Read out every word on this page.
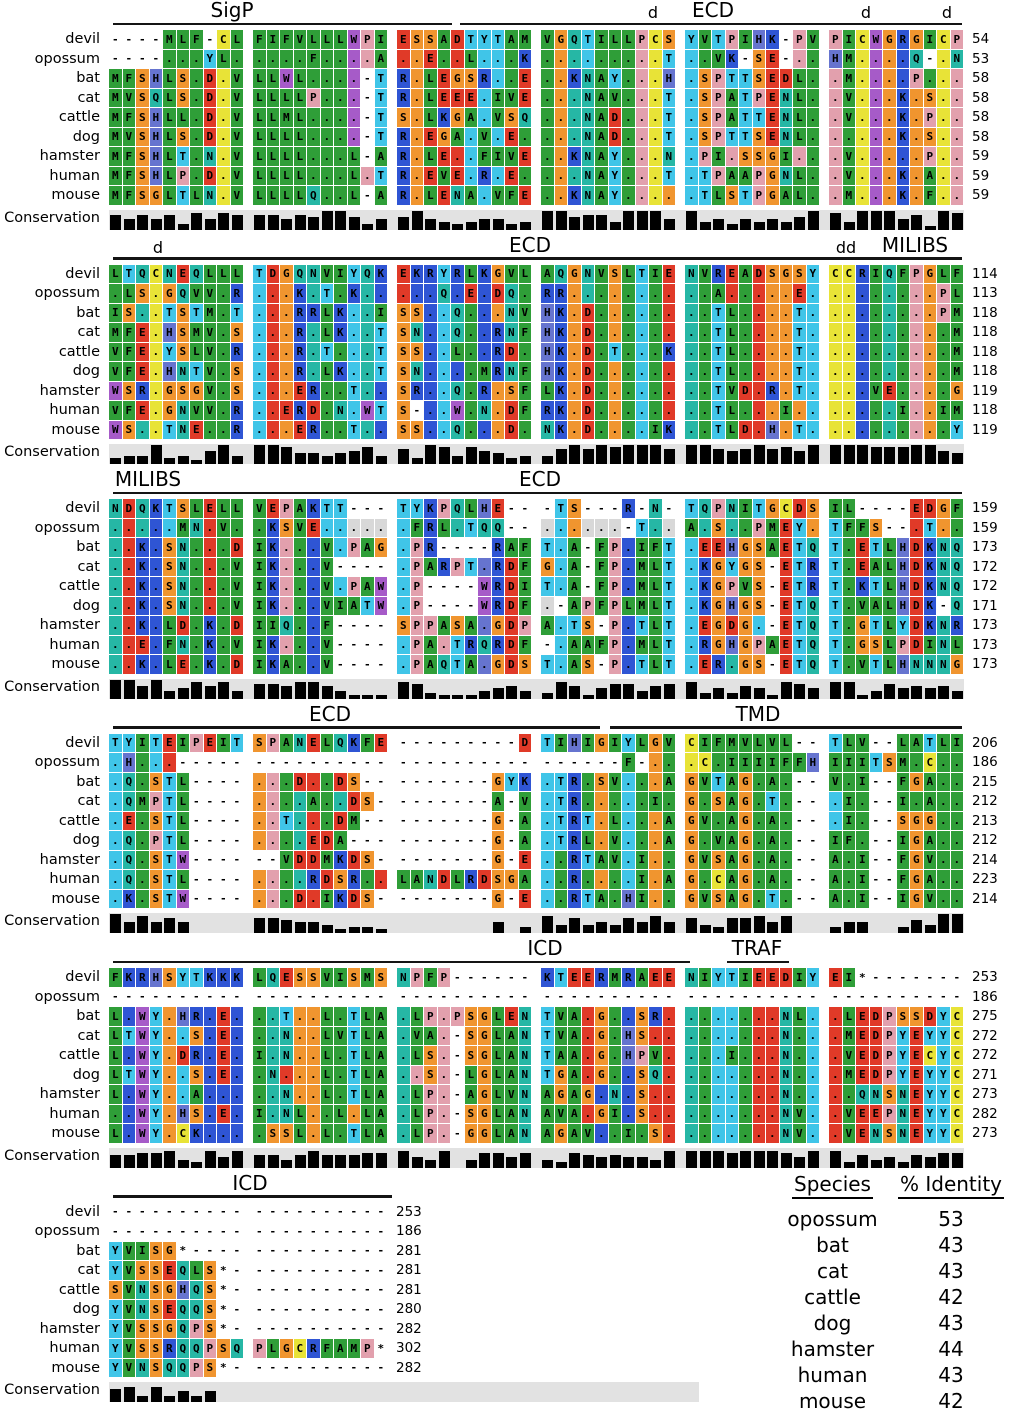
SigP	d ECD	d	d
devil	- - - - M L F - C L	F I F V L L L W P I	E S S A D T Y T A M	V G Q T I L L P C S	Y V T P I H K - P V	P I C W G R G I C P 54
opossum	- - - - . . . Y L .	. . . . F . . . . A	. . E . . L . . . K	. . . . . . . . . T	. . V K - S E - . .	H M . . . . Q - . N 53
bat	M F S H L S . D . V	L L W L . . . . - T	R . L E G S R . . E	. . K N A Y . . . H	. S P T T S E D L .	. M . . . . P . . . 58
cat	M V S Q L S . D . V	L L L L P . . . - T	R . L E E E . I V E	. . . N A V . . . T	. S P A T P E N L .	. V . . . K . S . . 58
cattle	M F S H L L . D . V	L L M L . . . . - T	S . L K G A . V S Q	. . . N A D . . . T	. S P A T T E N L .	. V . . . K . P . . 58
dog	M V S H L S . D . V	L L L L . . . . - T	R . E G A . V . E .	. . . N A D . . . T	. S P T T S E N L .	. . . . . K . S . . 58
hamster	M F S H L T . N . V	L L L L . . . L - A	R . L E . . F I V E	. . K N A Y . . . N	. P I . S S G I . .	. V . . . . . P . . 59
human	M F S H L P . D . V	L L L L . . . L . T	R . E V E . R . E .	. . . N A Y . . . T	. T P A A P G N L .	. V . . . K . A . . 59
mouse	M F S G L T L N . V	L L L L Q . . L - A	R . L E N A . V F E	. . K N A Y . . . .	. T L S T P G A L .	. M . . . K . F . . 59
Conservation
d	ECD	dd MILIBS
devil	L T Q C N E Q L L L	T D G Q N V I Y Q K	E K R Y R L K G V L	A Q G N V S L T I E	N V R E A D S G S Y	C C R I Q F P G L F 114
opossum	. L S . G Q V V . R	. . . K . T . K . .	. . . Q . E . D Q .	R R . . . . . . . .	. . A . . . . . E .	. . . . . . . . P L 113
bat	I S . . T S T M . T	. . . R R L K . . I	S S . . Q . . . N V	H K . D . . . . . .	. . T L . . . . T .	. . . . . . . . P M 118
cat	M F E . H S M V . S	. . . R . L K . . T	S N . . Q . . R N F	H K . D . . . . . .	. . T L . . . . T .	. . . . . . . . . M 118
cattle	V F E . Y S L V . R	. . . R . T . . . T	S S . . L . . R D .	H K . D . T . . . K	. . T L . . . . T .	. . . . . . . . . M 118
dog	V F E . H N T V . S	. . . R . L K . . T	S N . . . . M R N F	H K . D . . . . . .	. . T L . . . . T .	. . . . . . . . . M 118
hamster	W S R . G S G V . S	. . . E R . . T . .	S R . . Q . R . S F	L K . D . . . . . .	. . T V D . R . T .	. . . V E . . . . G 119
human	V F E . G N V V . R	. . E R D . N . W T	S - . . W . N . D F	R K . D . . . . . .	. . T L . . . I . .	. . . . . I . . I M 118
mouse	W S . . T N E . . R	. . . E R . . T . .	S S . . Q . . . D .	N K . D . . . . I K	. . T L D . H . T .	. . . . . . . . . Y 119
Conservation
MILIBS	ECD
devil	N D Q K T S L E L L	V E P A K T T - - -	T Y K P Q L H E - -	- T S - - - R - N -	T Q P N I T G C D S	I L - - - - E D G F 159
opossum	. . . . . M N . V .	. K S V E . . . . .	. F R L . T Q Q - -	. . . . . . - T . .	A . S . . P M E Y .	T F F S - - . T . . 159
bat	. . K . S N . . . D	I K . . . V . P A G	. P R - - - - R A F	T . A - F P . I F T	. E E H G S A E T Q	T . E T L H D K N Q 173
cat	. . K . S N . . . V	I K . . . V - - - -	. P A R P T . R D F	G . A - F P . M L T	. K G Y G S - E T R	T . E A L H D K N Q 172
cattle	. . K . S N . . . V	I K . . . V . P A W	. P - - - - W R D I	T . A - F P . M L T	. K G P V S - E T R	T . K T L H D K N Q 172
dog	. . K . S N . . . V	I K . . . V I A T W	. P - - - - W R D F	. - A P F P L M L T	. K G H G S - E T Q	T . V A L H D K - Q 171
hamster	. . K . L D . K . D	I I Q . . F - - - -	S P P A S A . G D P	A . T S - P . T L T	. E G D G . - E T Q	T . G T L Y D K N R 173
human	. . E . F N . K . V	I K . . . V - - - -	. P A . T R Q R D F	- . A A F P . M L T	. R G H G P A E T Q	T . G S L P D I N L 173
mouse	. . K . L E . K . D	I K A . . V - - - -	. P A Q T A . G D S	T . A S - P . T L T	. E R . G S - E T Q	T . V T L H N N N G 173
Conservation
ECD	TMD
devil	T Y I T E I P E I T	S P A N E L Q K F E	- - - - - - - - - D	T I H I G I Y L G V	C I F M V L V L - -	T L V - - L A T L I 206
opossum	. H . . . - - - - -	- - - - - - - - - -	- - - - - - - - - -	- - - - - - F - . .	. C . I I I I F F H	I I I T S M . C . . 186
bat	. Q . S T L - - - -	. . . D . . D S - -	- - - - - - - G Y K	. T R . S V . . . A	G V T A G . A . - -	V . I - - F G A . . 215
cat	. Q M P T L - - - -	. . . . A . . D S -	- - - - - - - A - V	. T R . . . . . I .	G . S A G . T . - -	. I . - - I . A . . 212
cattle	. E . S T L - - - -	. . T . . . D M - -	- - - - - - - G - A	. T R T . L . . . A	G V . A G . A . - -	. I . - - S G G . . 213
dog	. Q . P T L - - - -	. . . . E D A - - -	- - - - - - - G - A	. T R L . V . . . A	G . V A G . A . - -	I F . - - I G A . . 212
hamster	. Q . S T W - - - -	- - V D D M K D S -	- - - - - - - G - E	. . R T A V . I . .	G V S A G . A . - -	A . I - - F G V . . 214
human	. Q . S T L - - - -	. . . . R D S R . .	L A N D L R D S G A	. . R . . . . I . A	G . C A G . A . - -	A . I - - F G A . . 223
mouse	. K . S T W - - - -	. . . D . I K D S -	- - - - - - - G - E	. . R T A . H I . .	G V S A G . T . - -	A . I - - I G V . . 214
Conservation
ICD	TRAF
devil	F K R H S Y T K K K	L Q E S S V I S M S	N P F P - - - - - -	K T E E R M R A E E	N I Y T I E E D I Y	E I * - - - - - - - 253
opossum	- - - - - - - - - -	- - - - - - - - - -	- - - - - - - - - -	- - - - - - - - - -	- - - - - - - - - -	- - - - - - - - - - 186
bat	L . W Y . H R . E .	. . T . . L . T L A	. L P . P S G L E N	T V A . G . . S R .	. . . . . . . N L .	. L E D P S S D Y C 275
cat	L T W Y . . S . E .	. . N . . L V T L A	. V A . - S G L A N	T V A . G . H S . .	. . . . . . . N . .	. M E D P Y E Y Y C 272
cattle	L . W Y . D R . E .	I . N . . L . T L A	. L S . - S G L A N	T A A . G . H P V .	. . . I . . . N . .	. V E D P Y E C Y C 272
dog	L T W Y . . S . E .	. N . . . L . T L A	. . S . - L G L A N	T G A . G . . S Q .	. . . . . . . N . .	. M E D P Y E Y Y C 271
hamster	L . W Y . . A . . .	. . N . . L . T L A	. L P . - A G L V N	A G A G . N . S . .	. . . . . . . N . .	. . Q N S N E Y Y C 273
human	. . W Y . H S . E .	I . N L . . L . L A	. L P . - S G L A N	A V A . G I . S . .	. . . . . . . N V .	. V E E P N E Y Y C 282
mouse	L . W Y . C K . . .	. S S L . L . T L A	. L P . - G G L A N	A G A V . . I . S .	. . . . . . . N V .	. V E N S N E Y Y C 273
Conservation
ICD
devil	- - - - - - - - - -	- - - - - - - - - - 253
opossum	- - - - - - - - - -	- - - - - - - - - - 186
bat	Y V I S G * - - - -	- - - - - - - - - - 281
cat	Y V S S E Q L S * -	- - - - - - - - - - 281
cattle	S V N S G H Q S * -	- - - - - - - - - - 281
dog	Y V N S E Q Q S * -	- - - - - - - - - - 280
hamster	Y V S S G Q P S * -	- - - - - - - - - - 282
human	Y V S S R Q Q P S Q	P L G C R F A M P * 302
mouse	Y V N S Q Q P S * -	- - - - - - - - - - 282
Conservation
Species	% Identity
opossum	53
bat	43
cat	43
cattle	42
dog	43
hamster	44
human	43
mouse	42
